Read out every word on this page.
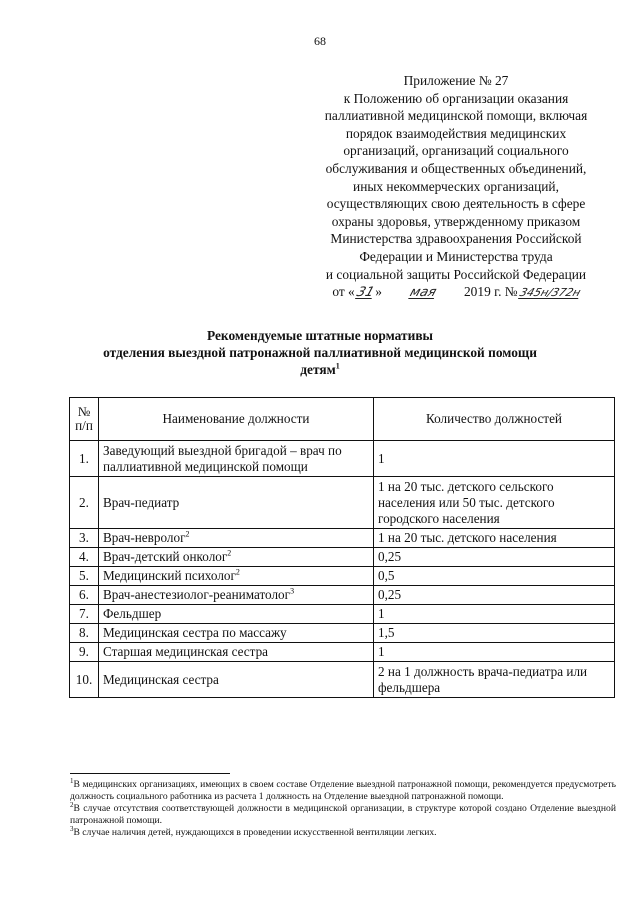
68
Приложение № 27
к Положению об организации оказания
паллиативной медицинской помощи, включая
порядок взаимодействия медицинских
организаций, организаций социального
обслуживания и общественных объединений,
иных некоммерческих организаций,
осуществляющих свою деятельность в сфере
охраны здоровья, утвержденному приказом
Министерства здравоохранения Российской
Федерации и Министерства труда
и социальной защиты Российской Федерации
от «31» мая 2019 г. №345н/372н
Рекомендуемые штатные нормативы
отделения выездной патронажной паллиативной медицинской помощи
детям$^1$
№ п/п	Наименование должности	Количество должностей
1.	Заведующий выездной бригадой – врач по паллиативной медицинской помощи	1
2.	Врач-педиатр	1 на 20 тыс. детского сельского населения или 50 тыс. детского городского населения
3.	Врач-невролог$^2$	1 на 20 тыс. детского населения
4.	Врач-детский онколог$^2$	0,25
5.	Медицинский психолог$^2$	0,5
6.	Врач-анестезиолог-реаниматолог$^3$	0,25
7.	Фельдшер	1
8.	Медицинская сестра по массажу	1,5
9.	Старшая медицинская сестра	1
10.	Медицинская сестра	2 на 1 должность врача-педиатра или фельдшера

$^1$В медицинских организациях, имеющих в своем составе Отделение выездной патронажной помощи, рекомендуется предусмотреть должность социального работника из расчета 1 должность на Отделение выездной патронажной помощи.

$^2$В случае отсутствия соответствующей должности в медицинской организации, в структуре которой создано Отделение выездной патронажной помощи.

$^3$В случае наличия детей, нуждающихся в проведении искусственной вентиляции легких.
